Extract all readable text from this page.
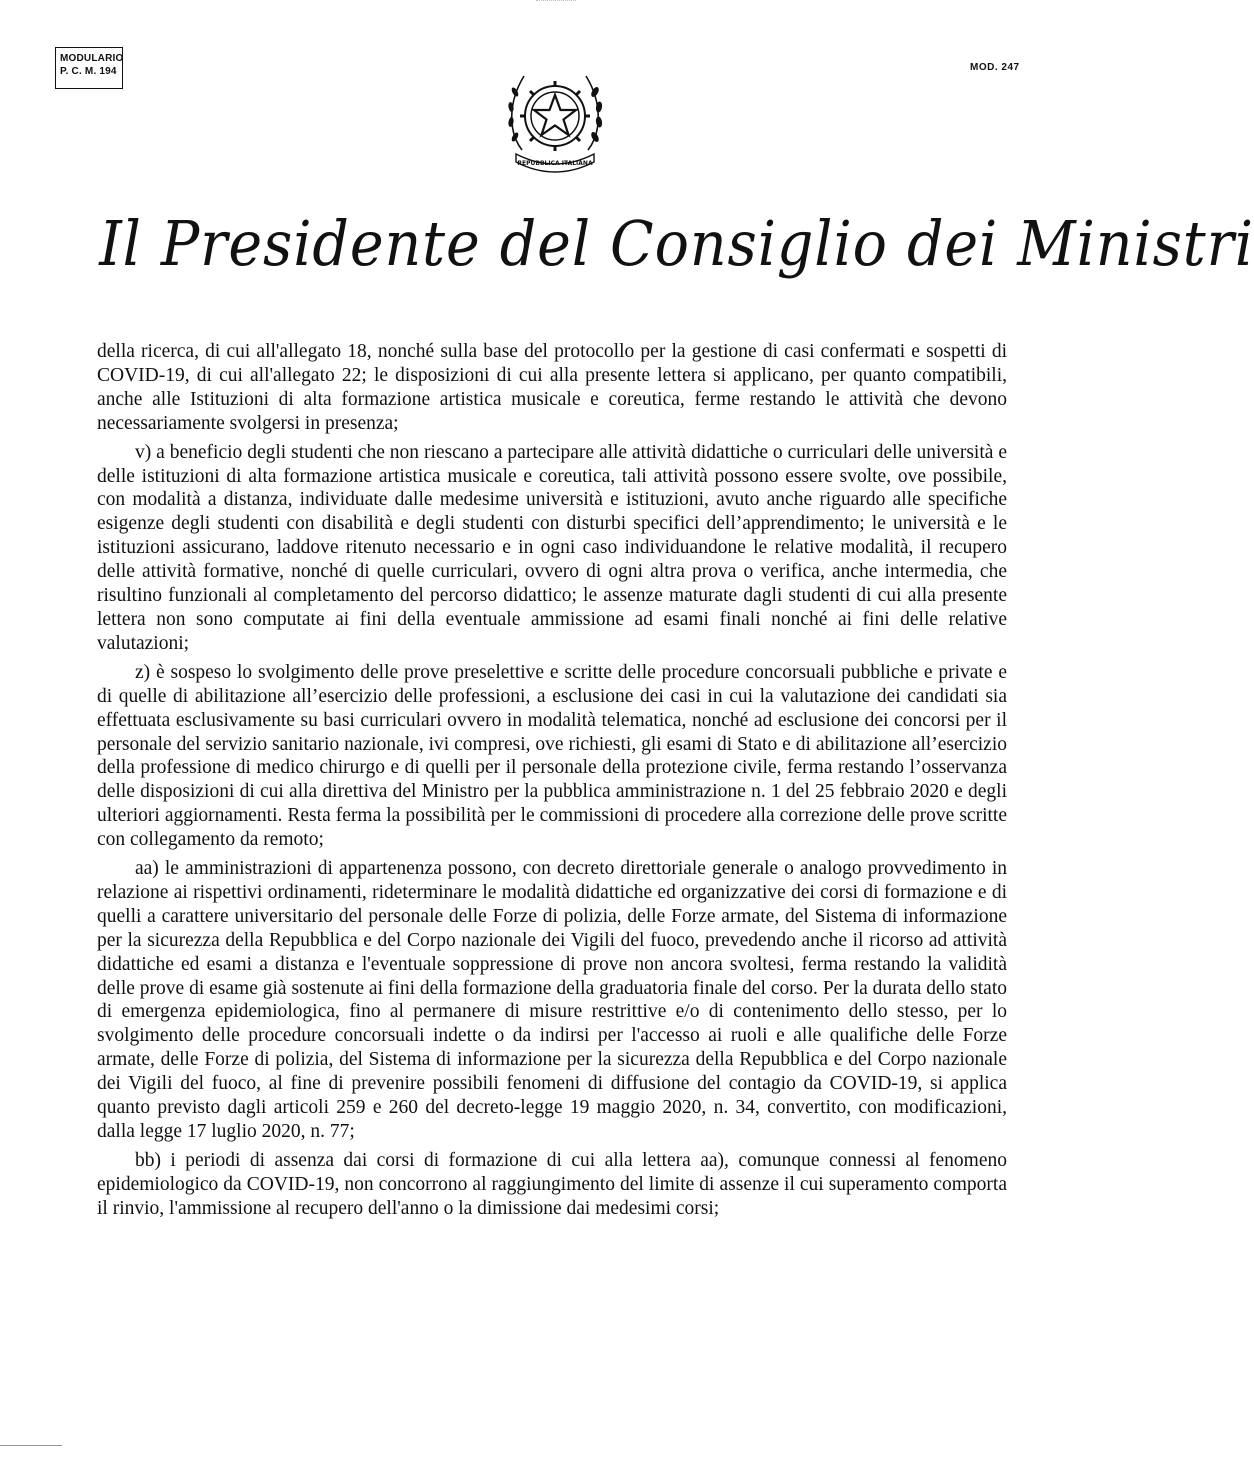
MODULARIO
P. C. M. 194	MOD. 247
REPUBBLICA ITALIANA
Il Presidente del Consiglio dei Ministri

della ricerca, di cui all'allegato 18, nonché sulla base del protocollo per la gestione di casi confermati e sospetti di COVID-19, di cui all'allegato 22; le disposizioni di cui alla presente lettera si applicano, per quanto compatibili, anche alle Istituzioni di alta formazione artistica musicale e coreutica, ferme restando le attività che devono necessariamente svolgersi in presenza;

v) a beneficio degli studenti che non riescano a partecipare alle attività didattiche o curriculari delle università e delle istituzioni di alta formazione artistica musicale e coreutica, tali attività possono essere svolte, ove possibile, con modalità a distanza, individuate dalle medesime università e istituzioni, avuto anche riguardo alle specifiche esigenze degli studenti con disabilità e degli studenti con disturbi specifici dell’apprendimento; le università e le istituzioni assicurano, laddove ritenuto necessario e in ogni caso individuandone le relative modalità, il recupero delle attività formative, nonché di quelle curriculari, ovvero di ogni altra prova o verifica, anche intermedia, che risultino funzionali al completamento del percorso didattico; le assenze maturate dagli studenti di cui alla presente lettera non sono computate ai fini della eventuale ammissione ad esami finali nonché ai fini delle relative valutazioni;

z) è sospeso lo svolgimento delle prove preselettive e scritte delle procedure concorsuali pubbliche e private e di quelle di abilitazione all’esercizio delle professioni, a esclusione dei casi in cui la valutazione dei candidati sia effettuata esclusivamente su basi curriculari ovvero in modalità telematica, nonché ad esclusione dei concorsi per il personale del servizio sanitario nazionale, ivi compresi, ove richiesti, gli esami di Stato e di abilitazione all’esercizio della professione di medico chirurgo e di quelli per il personale della protezione civile, ferma restando l’osservanza delle disposizioni di cui alla direttiva del Ministro per la pubblica amministrazione n. 1 del 25 febbraio 2020 e degli ulteriori aggiornamenti. Resta ferma la possibilità per le commissioni di procedere alla correzione delle prove scritte con collegamento da remoto;

aa) le amministrazioni di appartenenza possono, con decreto direttoriale generale o analogo provvedimento in relazione ai rispettivi ordinamenti, rideterminare le modalità didattiche ed organizzative dei corsi di formazione e di quelli a carattere universitario del personale delle Forze di polizia, delle Forze armate, del Sistema di informazione per la sicurezza della Repubblica e del Corpo nazionale dei Vigili del fuoco, prevedendo anche il ricorso ad attività didattiche ed esami a distanza e l'eventuale soppressione di prove non ancora svoltesi, ferma restando la validità delle prove di esame già sostenute ai fini della formazione della graduatoria finale del corso. Per la durata dello stato di emergenza epidemiologica, fino al permanere di misure restrittive e/o di contenimento dello stesso, per lo svolgimento delle procedure concorsuali indette o da indirsi per l'accesso ai ruoli e alle qualifiche delle Forze armate, delle Forze di polizia, del Sistema di informazione per la sicurezza della Repubblica e del Corpo nazionale dei Vigili del fuoco, al fine di prevenire possibili fenomeni di diffusione del contagio da COVID-19, si applica quanto previsto dagli articoli 259 e 260 del decreto-legge 19 maggio 2020, n. 34, convertito, con modificazioni, dalla legge 17 luglio 2020, n. 77;

bb) i periodi di assenza dai corsi di formazione di cui alla lettera aa), comunque connessi al fenomeno epidemiologico da COVID-19, non concorrono al raggiungimento del limite di assenze il cui superamento comporta il rinvio, l'ammissione al recupero dell'anno o la dimissione dai medesimi corsi;
